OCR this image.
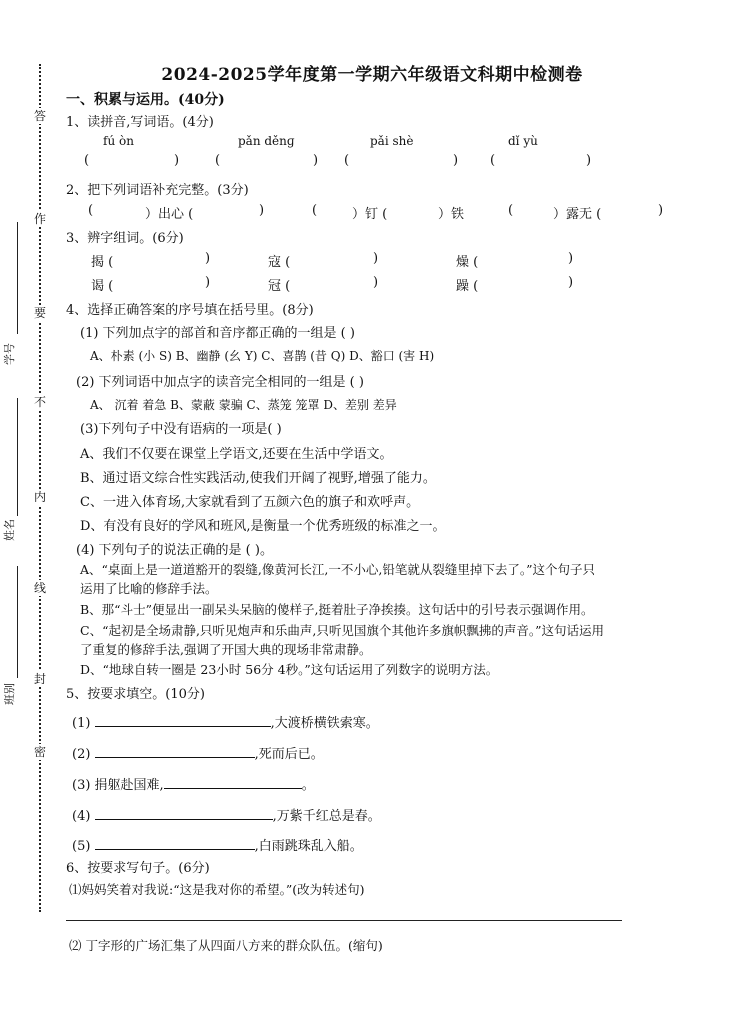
答
作
要
不
内
线
封
密
学号
姓名
班别
2024-2025学年度第一学期六年级语文科期中检测卷
一、积累与运用。(40分)
1、读拼音,写词语。(4分)
fú òn	pǎn děnɡ	pǎi shè	dǐ yù
(	)	(	) (	) (	)
2、把下列词语补充完整。(3分)
(	）出心 (	)	(	）钉 (	）铁	(	）露无 (	)
3、辨字组词。(6分)
揭 (	)	寇 (	)	燥 (	)
谒 (	)	冠 (	)	躁 (	)
4、选择正确答案的序号填在括号里。(8分)
(1) 下列加点字的部首和音序都正确的一组是 ( )
A、朴素 (小 S) B、幽静 (幺 Y) C、喜鹊 (昔 Q) D、豁口 (害 H)
(2) 下列词语中加点字的读音完全相同的一组是 ( )
A、 沉着 着急 B、蒙蔽 蒙骗 C、蒸笼 笼罩 D、差别 差异
(3)下列句子中没有语病的一项是( )
A、我们不仅要在课堂上学语文,还要在生活中学语文。
B、通过语文综合性实践活动,使我们开阔了视野,增强了能力。
C、一进入体育场,大家就看到了五颜六色的旗子和欢呼声。
D、有没有良好的学风和班风,是衡量一个优秀班级的标准之一。
(4) 下列句子的说法正确的是 ( )。
A、“桌面上是一道道豁开的裂缝,像黄河长江,一不小心,铅笔就从裂缝里掉下去了。”这个句子只
运用了比喻的修辞手法。
B、那“斗士”便显出一副呆头呆脑的傻样子,挺着肚子净挨揍。这句话中的引号表示强调作用。
C、“起初是全场肃静,只听见炮声和乐曲声,只听见国旗个其他许多旗帜飘拂的声音。”这句话运用
了重复的修辞手法,强调了开国大典的现场非常肃静。
D、“地球自转一圈是 23小时 56分 4秒。”这句话运用了列数字的说明方法。
5、按要求填空。(10分)
(1)	,大渡桥横铁索寒。
(2)	,死而后已。
(3) 捐躯赴国难,	。
(4)	,万紫千红总是春。
(5)	,白雨跳珠乱入船。
6、按要求写句子。(6分)
⑴妈妈笑着对我说:“这是我对你的希望。”(改为转述句)
⑵ 丁字形的广场汇集了从四面八方来的群众队伍。(缩句)
